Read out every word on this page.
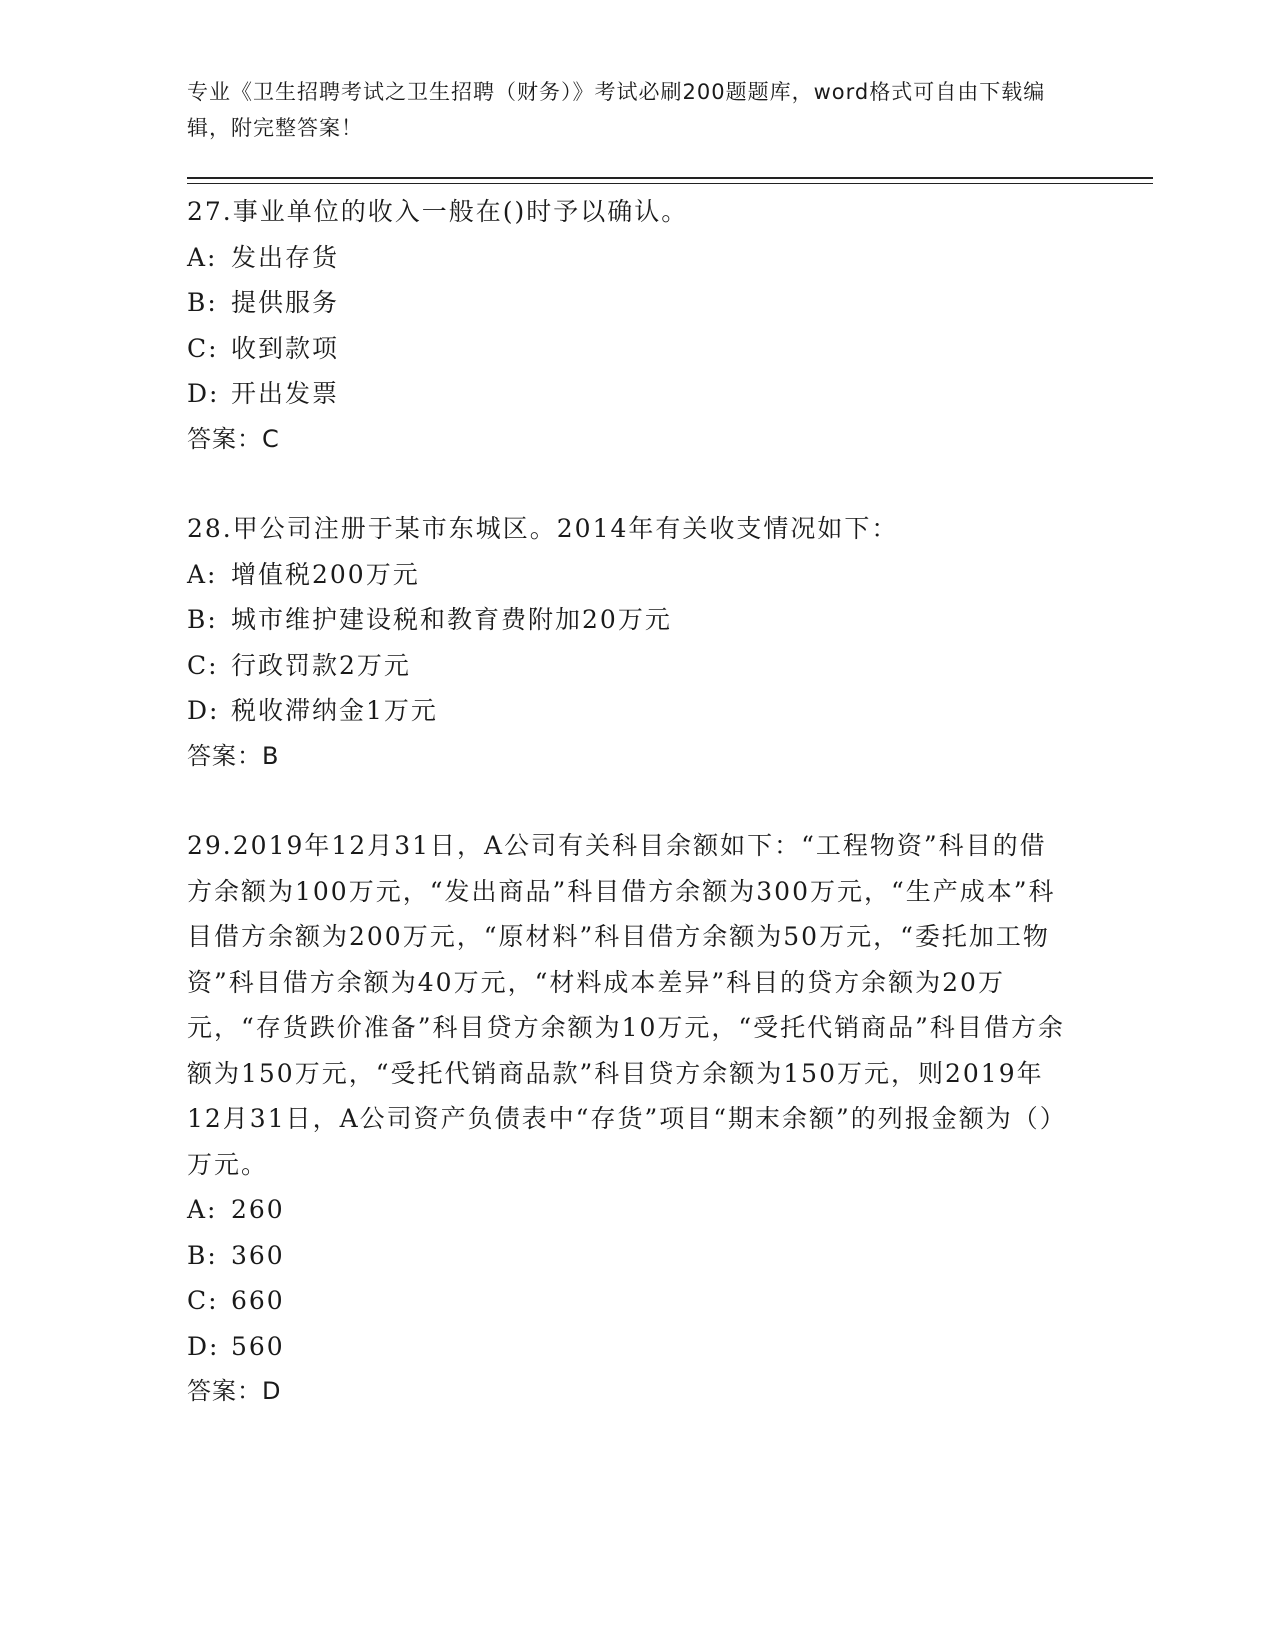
专业《卫生招聘考试之卫生招聘（财务）》考试必刷200题题库，word格式可自由下载编辑，附完整答案！
27.事业单位的收入一般在()时予以确认。
A: 发出存货
B: 提供服务
C: 收到款项
D: 开出发票
答案：C
28.甲公司注册于某市东城区。2014年有关收支情况如下：
A: 增值税200万元
B: 城市维护建设税和教育费附加20万元
C: 行政罚款2万元
D: 税收滞纳金1万元
答案：B
29.2019年12月31日，A公司有关科目余额如下：“工程物资”科目的借方余额为100万元，“发出商品”科目借方余额为300万元，“生产成本”科目借方余额为200万元，“原材料”科目借方余额为50万元，“委托加工物资”科目借方余额为40万元，“材料成本差异”科目的贷方余额为20万元，“存货跌价准备”科目贷方余额为10万元，“受托代销商品”科目借方余额为150万元，“受托代销商品款”科目贷方余额为150万元，则2019年12月31日，A公司资产负债表中“存货”项目“期末余额”的列报金额为（）万元。
A: 260
B: 360
C: 660
D: 560
答案：D
